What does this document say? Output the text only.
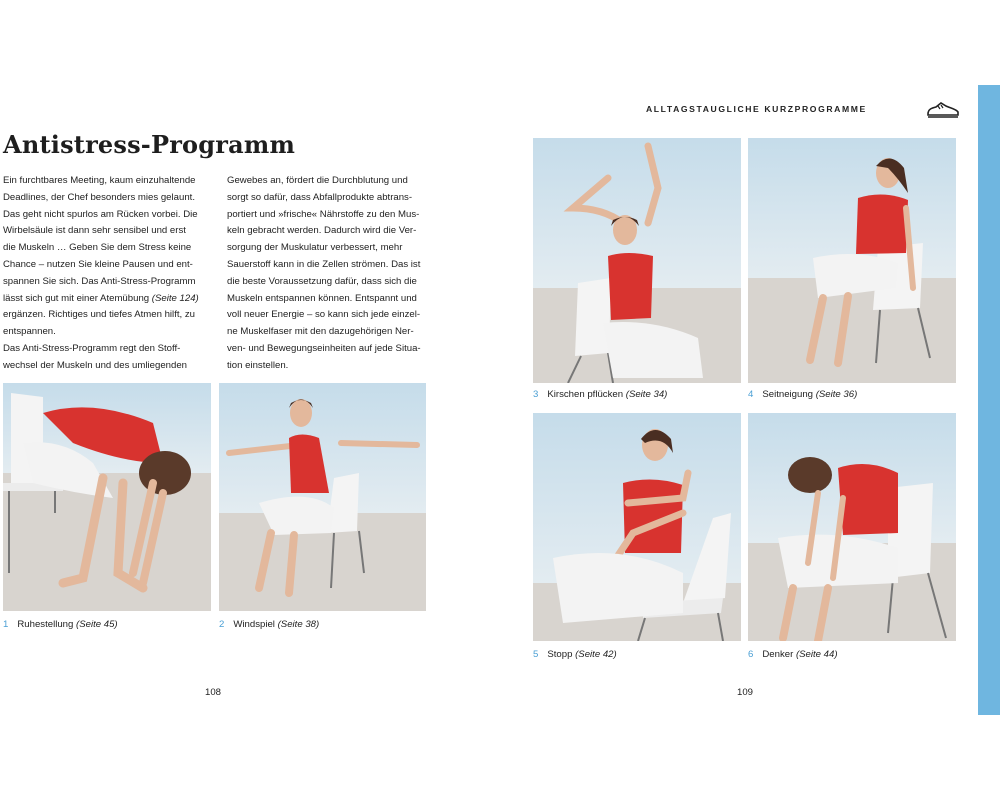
ALLTAGSTAUGLICHE KURZPROGRAMME
Antistress-Programm
Ein furchtbares Meeting, kaum einzuhaltende
Deadlines, der Chef besonders mies gelaunt.
Das geht nicht spurlos am Rücken vorbei. Die
Wirbelsäule ist dann sehr sensibel und erst
die Muskeln … Geben Sie dem Stress keine
Chance – nutzen Sie kleine Pausen und ent-
spannen Sie sich. Das Anti-Stress-Programm
lässt sich gut mit einer Atemübung (Seite 124)
ergänzen. Richtiges und tiefes Atmen hilft, zu
entspannen.
Das Anti-Stress-Programm regt den Stoff-
wechsel der Muskeln und des umliegenden
Gewebes an, fördert die Durchblutung und
sorgt so dafür, dass Abfallprodukte abtrans-
portiert und »frische« Nährstoffe zu den Mus-
keln gebracht werden. Dadurch wird die Ver-
sorgung der Muskulatur verbessert, mehr
Sauerstoff kann in die Zellen strömen. Das ist
die beste Voraussetzung dafür, dass sich die
Muskeln entspannen können. Entspannt und
voll neuer Energie – so kann sich jede einzel-
ne Muskelfaser mit den dazugehörigen Ner-
ven- und Bewegungseinheiten auf jede Situa-
tion einstellen.
1 Ruhestellung (Seite 45)	2 Windspiel (Seite 38)
3 Kirschen pflücken (Seite 34)	4 Seitneigung (Seite 36)
5 Stopp (Seite 42)	6 Denker (Seite 44)
108	109
